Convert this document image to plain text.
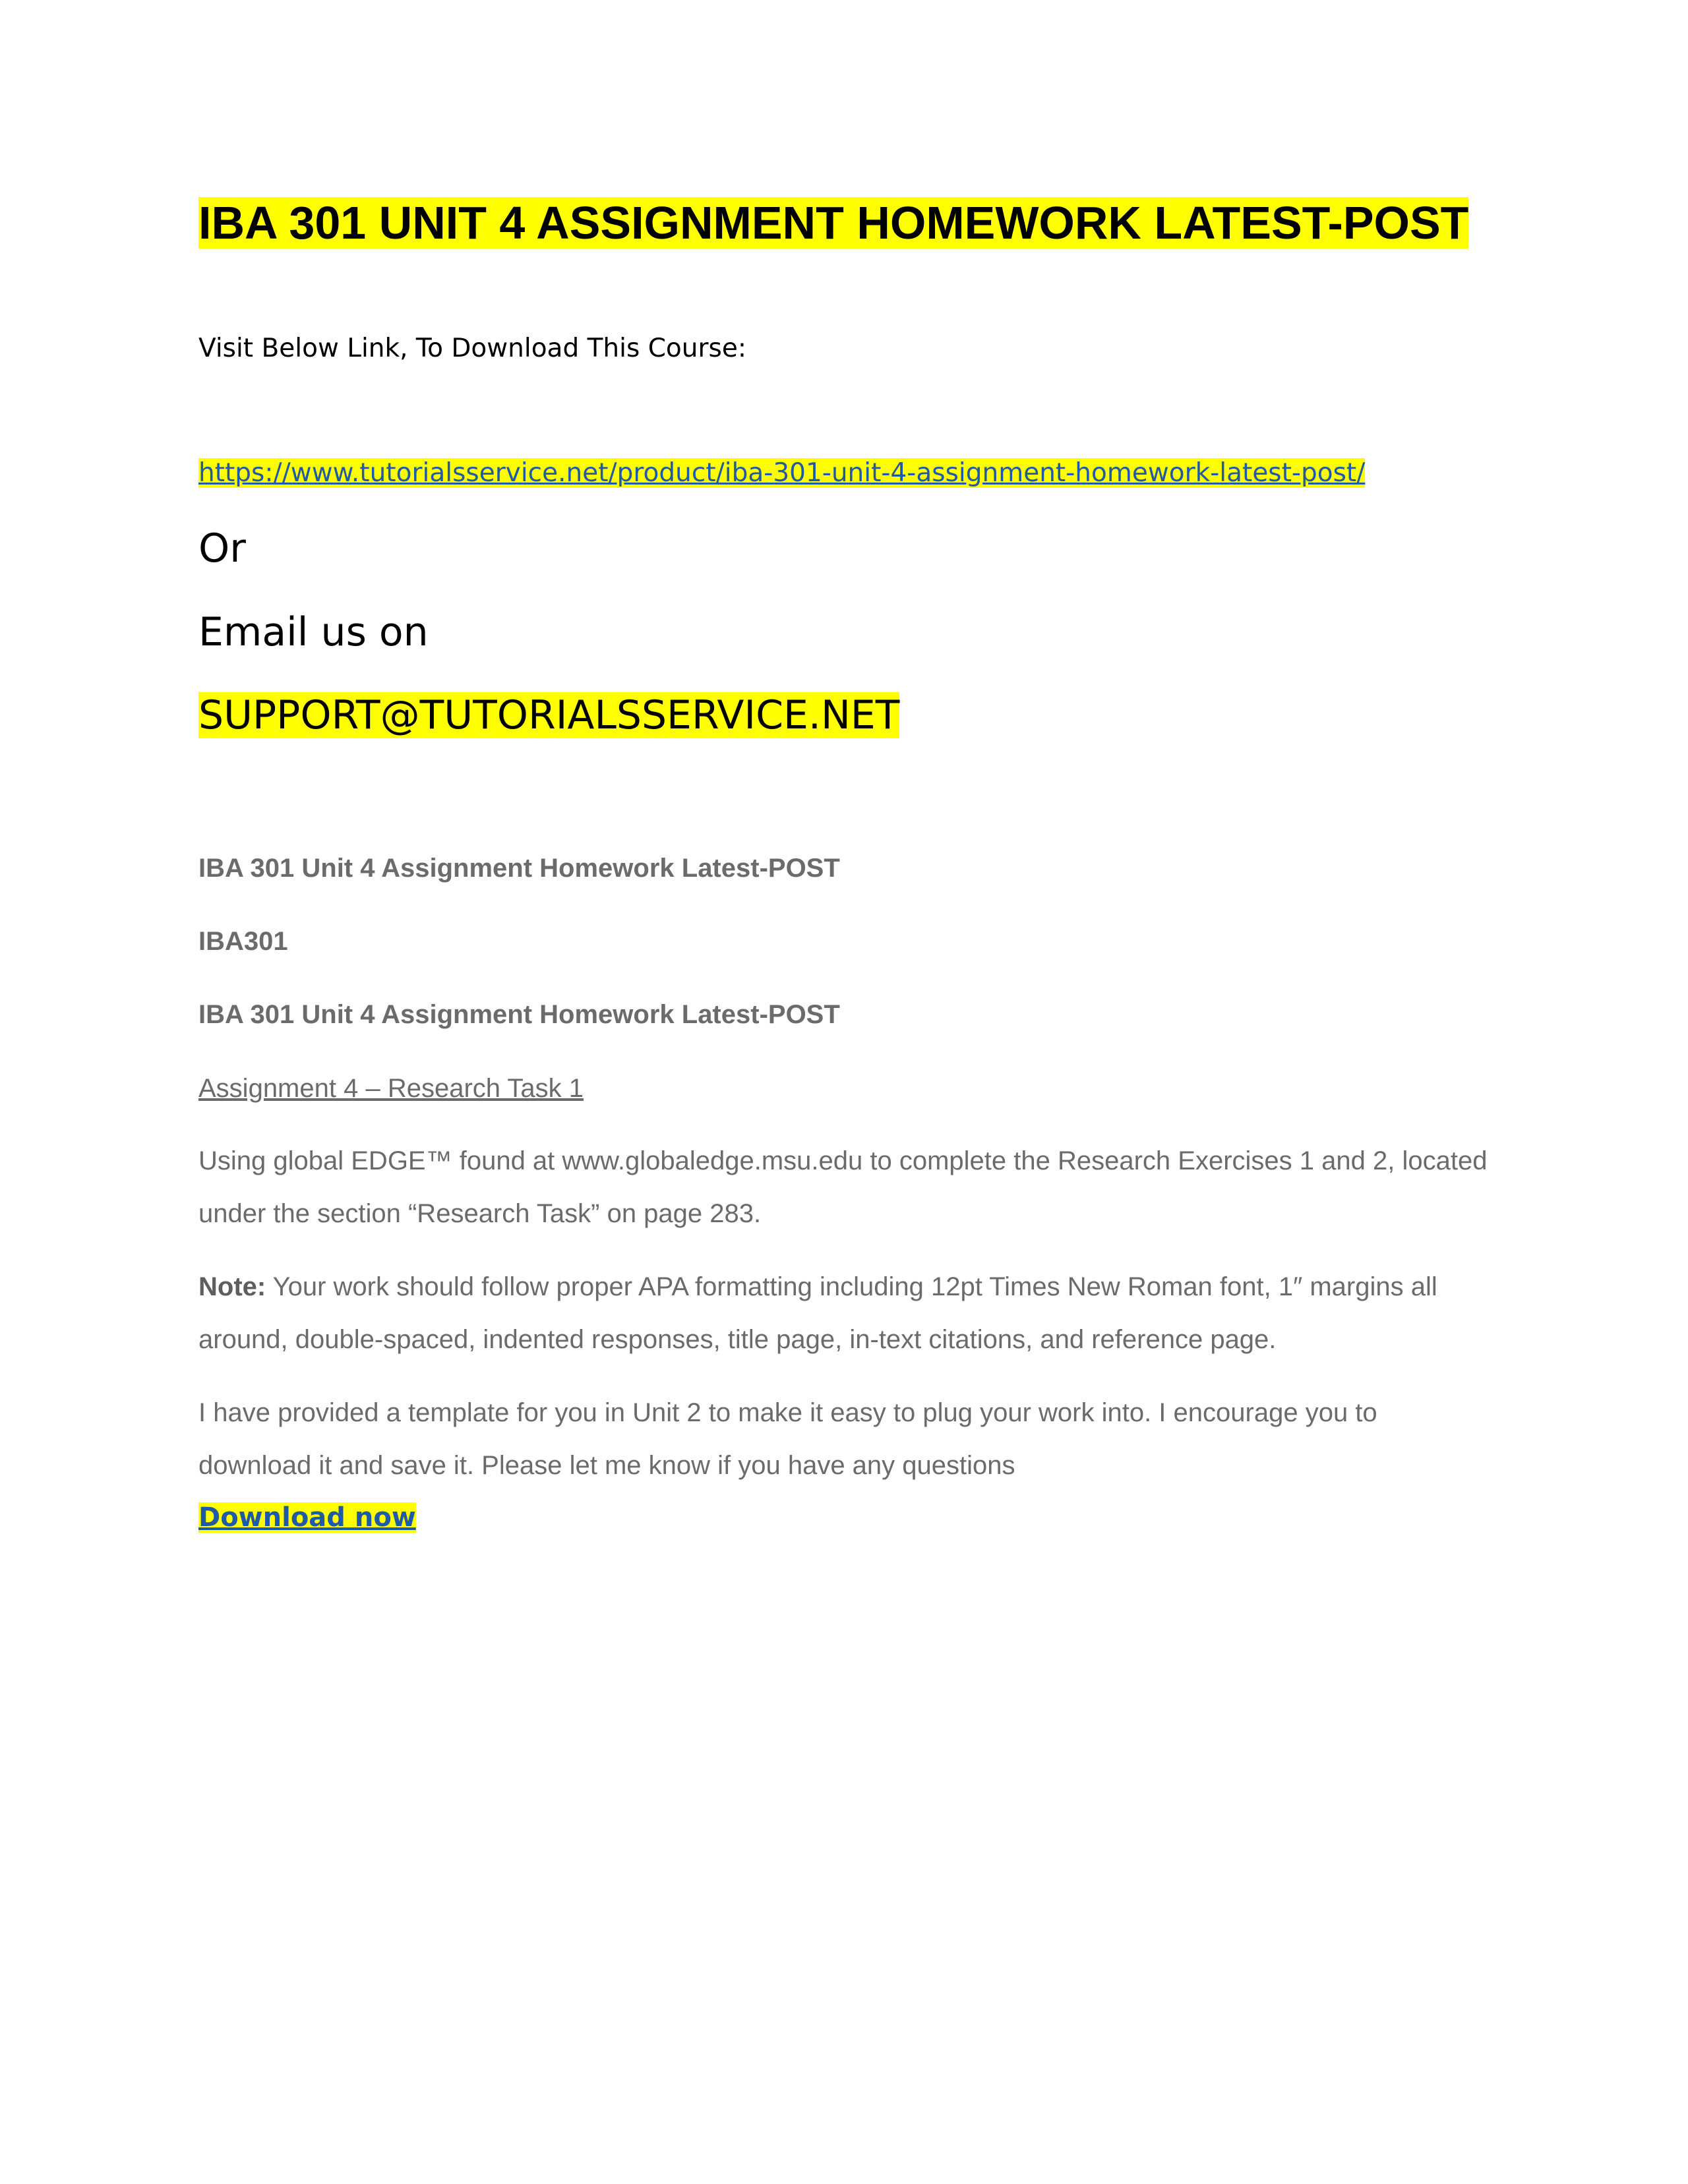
IBA 301 UNIT 4 ASSIGNMENT HOMEWORK LATEST-POST

Visit Below Link, To Download This Course:

https://www.tutorialsservice.net/product/iba-301-unit-4-assignment-homework-latest-post/

Or

Email us on

SUPPORT@TUTORIALSSERVICE.NET

IBA 301 Unit 4 Assignment Homework Latest-POST

IBA301

IBA 301 Unit 4 Assignment Homework Latest-POST

Assignment 4 – Research Task 1

Using global EDGE™ found at www.globaledge.msu.edu to complete the Research Exercises 1 and 2, located under the section “Research Task” on page 283.

Note: Your work should follow proper APA formatting including 12pt Times New Roman font, 1″ margins all around, double-spaced, indented responses, title page, in-text citations, and reference page.

I have provided a template for you in Unit 2 to make it easy to plug your work into. I encourage you to download it and save it. Please let me know if you have any questions

Download now
